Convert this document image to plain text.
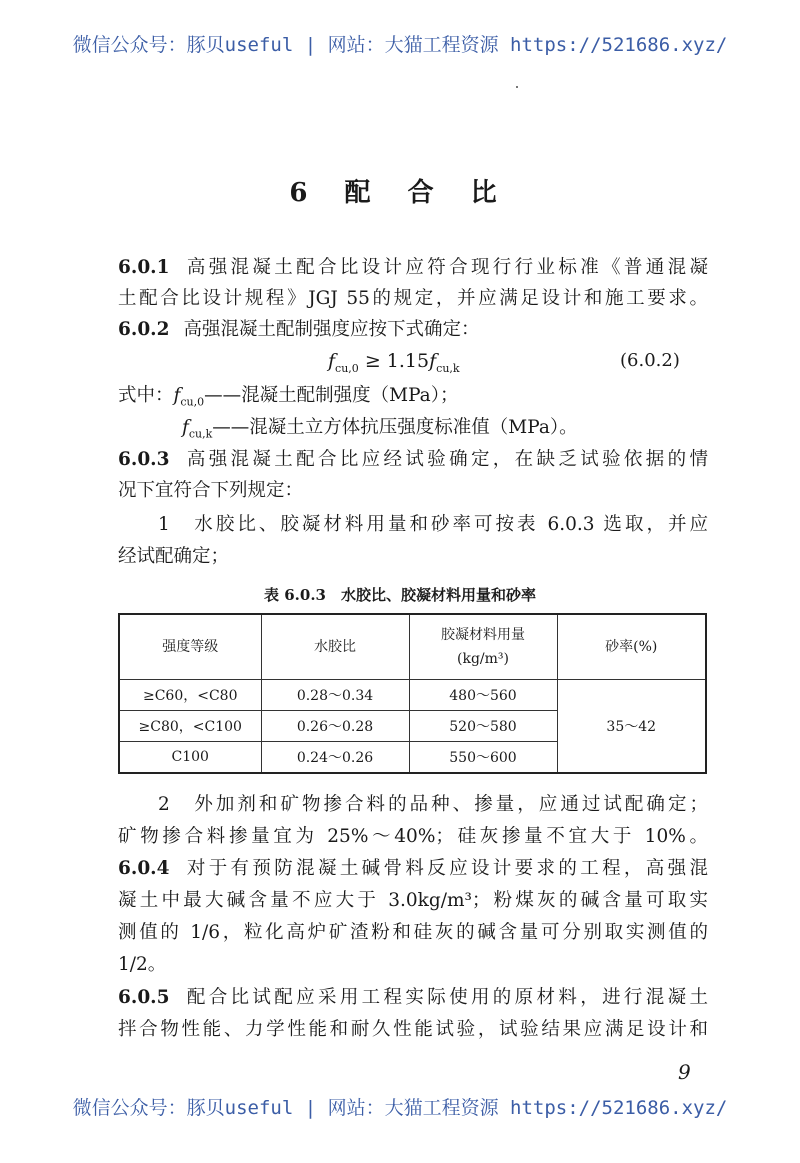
微信公众号：豚贝useful | 网站：大猫工程资源 https://521686.xyz/
6 配 合 比
6.0.1 高强混凝土配合比设计应符合现行行业标准《普通混凝
土配合比设计规程》JGJ 55的规定，并应满足设计和施工要求。
6.0.2 高强混凝土配制强度应按下式确定：
$f_{cu,0} \ge 1.15f_{cu,k}$	(6.0.2)
式中：$f_{cu,0}——$混凝土配制强度（MPa）；
$f_{cu,k}——$混凝土立方体抗压强度标准值（MPa）。
6.0.3 高强混凝土配合比应经试验确定，在缺乏试验依据的情
况下宜符合下列规定：
1　水胶比、胶凝材料用量和砂率可按表 6.0.3 选取，并应
经试配确定；
表 6.0.3　水胶比、胶凝材料用量和砂率
强度等级	水胶比	胶凝材料用量
(kg/m³)	砂率(%)
≥C60，<C80	0.28～0.34	480～560	35～42
≥C80，<C100	0.26～0.28	520～580	
C100	0.24～0.26	550～600	
2　外加剂和矿物掺合料的品种、掺量，应通过试配确定；
矿物掺合料掺量宜为 25%～40%；硅灰掺量不宜大于 10%。
6.0.4 对于有预防混凝土碱骨料反应设计要求的工程，高强混
凝土中最大碱含量不应大于 3.0kg/m³；粉煤灰的碱含量可取实
测值的 1/6，粒化高炉矿渣粉和硅灰的碱含量可分别取实测值的
1/2。
6.0.5 配合比试配应采用工程实际使用的原材料，进行混凝土
拌合物性能、力学性能和耐久性能试验，试验结果应满足设计和
9
微信公众号：豚贝useful | 网站：大猫工程资源 https://521686.xyz/
